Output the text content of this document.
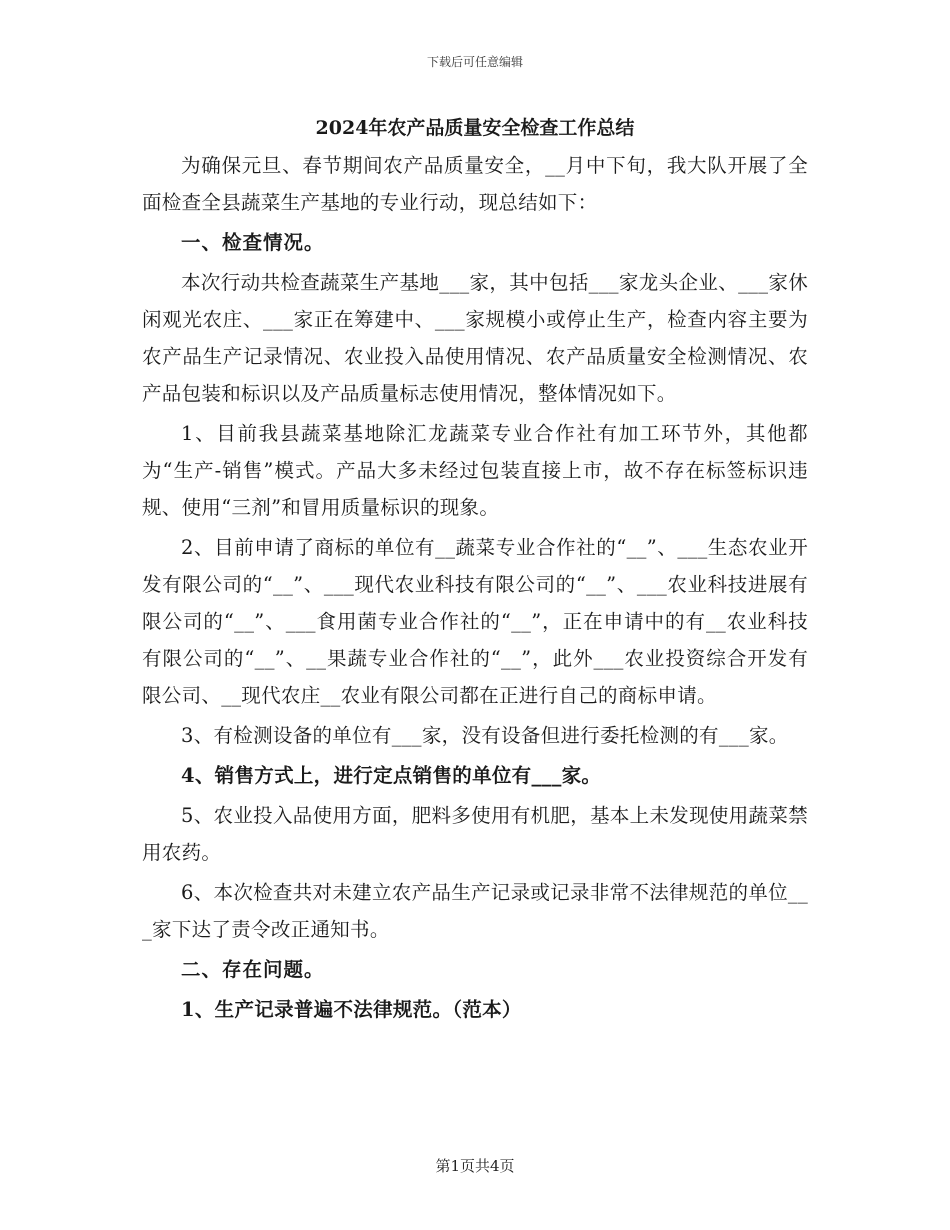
下载后可任意编辑
2024年农产品质量安全检查工作总结

为确保元旦、春节期间农产品质量安全，__月中下旬，我大队开展了全面检查全县蔬菜生产基地的专业行动，现总结如下：

一、检查情况。

本次行动共检查蔬菜生产基地___家，其中包括___家龙头企业、___家休闲观光农庄、___家正在筹建中、___家规模小或停止生产，检查内容主要为农产品生产记录情况、农业投入品使用情况、农产品质量安全检测情况、农产品包装和标识以及产品质量标志使用情况，整体情况如下。

1、目前我县蔬菜基地除汇龙蔬菜专业合作社有加工环节外，其他都为“生产-销售”模式。产品大多未经过包装直接上市，故不存在标签标识违规、使用“三剂”和冒用质量标识的现象。

2、目前申请了商标的单位有__蔬菜专业合作社的“__”、___生态农业开发有限公司的“__”、___现代农业科技有限公司的“__”、___农业科技进展有限公司的“__”、___食用菌专业合作社的“__”，正在申请中的有__农业科技有限公司的“__”、__果蔬专业合作社的“__”，此外___农业投资综合开发有限公司、__现代农庄__农业有限公司都在正进行自己的商标申请。

3、有检测设备的单位有___家，没有设备但进行委托检测的有___家。

4、销售方式上，进行定点销售的单位有___家。

5、农业投入品使用方面，肥料多使用有机肥，基本上未发现使用蔬菜禁用农药。

6、本次检查共对未建立农产品生产记录或记录非常不法律规范的单位___家下达了责令改正通知书。

二、存在问题。

1、生产记录普遍不法律规范。（范本）

第1页共4页
